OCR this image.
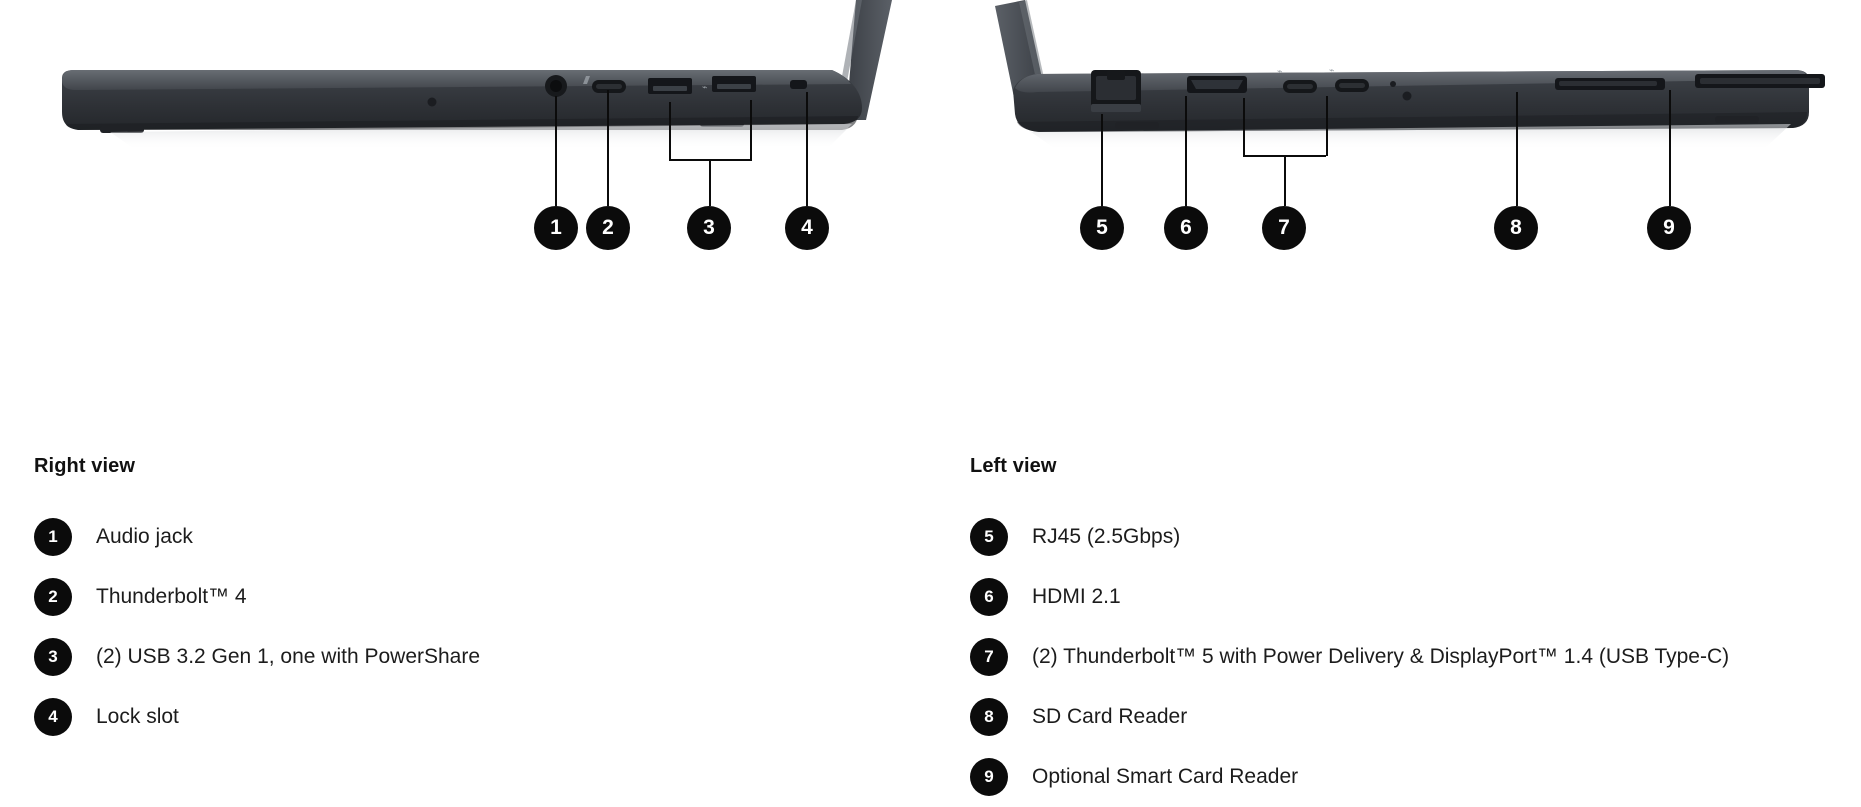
⌁
⌁	⌁
1	2	3	4	5	6	7	8	9
Right view
1	Audio jack
2	Thunderbolt™ 4
3	(2) USB 3.2 Gen 1, one with PowerShare
4	Lock slot
Left view
5	RJ45 (2.5Gbps)
6	HDMI 2.1
7	(2) Thunderbolt™ 5 with Power Delivery & DisplayPort™ 1.4 (USB Type-C)
8	SD Card Reader
9	Optional Smart Card Reader
